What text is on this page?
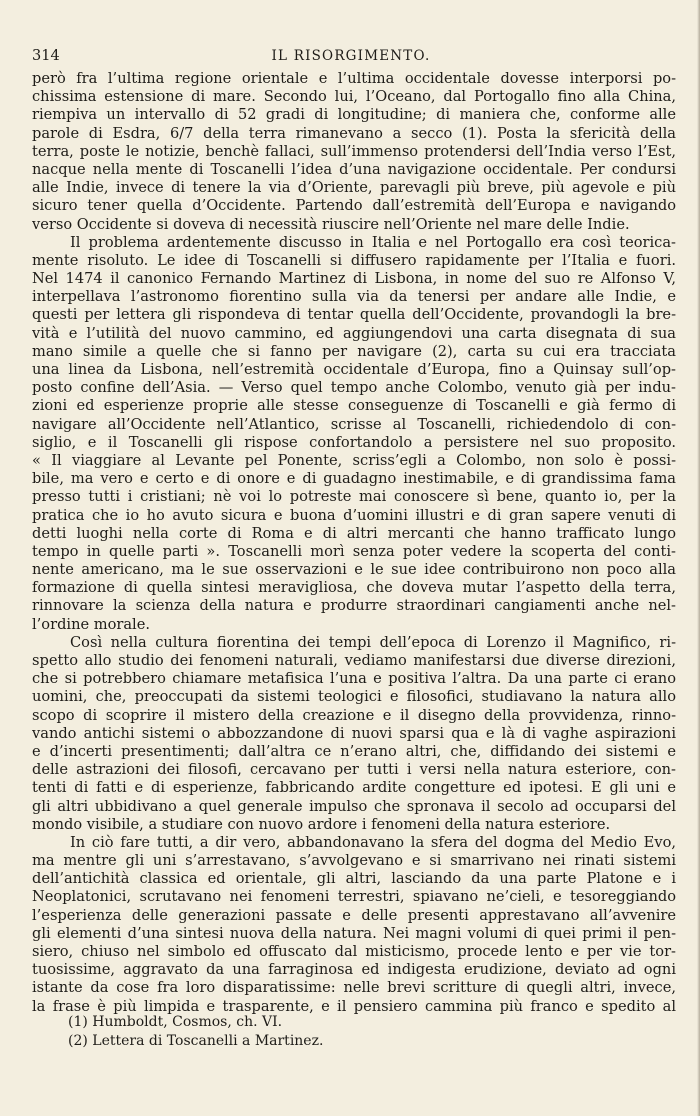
314	IL RISORGIMENTO.
però fra l’ultima regione orientale e l’ultima occidentale dovesse interporsi po-
chissima estensione di mare. Secondo lui, l’Oceano, dal Portogallo fino alla China,
riempiva un intervallo di 52 gradi di longitudine; di maniera che, conforme alle
parole di Esdra, 6/7 della terra rimanevano a secco (1). Posta la sfericità della
terra, poste le notizie, benchè fallaci, sull’immenso protendersi dell’India verso l’Est,
nacque nella mente di Toscanelli l’idea d’una navigazione occidentale. Per condursi
alle Indie, invece di tenere la via d’Oriente, parevagli più breve, più agevole e più
sicuro tener quella d’Occidente. Partendo dall’estremità dell’Europa e navigando
verso Occidente si doveva di necessità riuscire nell’Oriente nel mare delle Indie.
Il problema ardentemente discusso in Italia e nel Portogallo era così teorica-
mente risoluto. Le idee di Toscanelli si diffusero rapidamente per l’Italia e fuori.
Nel 1474 il canonico Fernando Martinez di Lisbona, in nome del suo re Alfonso V,
interpellava l’astronomo fiorentino sulla via da tenersi per andare alle Indie, e
questi per lettera gli rispondeva di tentar quella dell’Occidente, provandogli la bre-
vità e l’utilità del nuovo cammino, ed aggiungendovi una carta disegnata di sua
mano simile a quelle che si fanno per navigare (2), carta su cui era tracciata
una linea da Lisbona, nell’estremità occidentale d’Europa, fino a Quinsay sull’op-
posto confine dell’Asia. — Verso quel tempo anche Colombo, venuto già per indu-
zioni ed esperienze proprie alle stesse conseguenze di Toscanelli e già fermo di
navigare all’Occidente nell’Atlantico, scrisse al Toscanelli, richiedendolo di con-
siglio, e il Toscanelli gli rispose confortandolo a persistere nel suo proposito.
« Il viaggiare al Levante pel Ponente, scriss’egli a Colombo, non solo è possi-
bile, ma vero e certo e di onore e di guadagno inestimabile, e di grandissima fama
presso tutti i cristiani; nè voi lo potreste mai conoscere sì bene, quanto io, per la
pratica che io ho avuto sicura e buona d’uomini illustri e di gran sapere venuti di
detti luoghi nella corte di Roma e di altri mercanti che hanno trafficato lungo
tempo in quelle parti ». Toscanelli morì senza poter vedere la scoperta del conti-
nente americano, ma le sue osservazioni e le sue idee contribuirono non poco alla
formazione di quella sintesi meravigliosa, che doveva mutar l’aspetto della terra,
rinnovare la scienza della natura e produrre straordinari cangiamenti anche nel-
l’ordine morale.
Così nella cultura fiorentina dei tempi dell’epoca di Lorenzo il Magnifico, ri-
spetto allo studio dei fenomeni naturali, vediamo manifestarsi due diverse direzioni,
che si potrebbero chiamare metafisica l’una e positiva l’altra. Da una parte ci erano
uomini, che, preoccupati da sistemi teologici e filosofici, studiavano la natura allo
scopo di scoprire il mistero della creazione e il disegno della provvidenza, rinno-
vando antichi sistemi o abbozzandone di nuovi sparsi qua e là di vaghe aspirazioni
e d’incerti presentimenti; dall’altra ce n’erano altri, che, diffidando dei sistemi e
delle astrazioni dei filosofi, cercavano per tutti i versi nella natura esteriore, con-
tenti di fatti e di esperienze, fabbricando ardite congetture ed ipotesi. E gli uni e
gli altri ubbidivano a quel generale impulso che spronava il secolo ad occuparsi del
mondo visibile, a studiare con nuovo ardore i fenomeni della natura esteriore.
In ciò fare tutti, a dir vero, abbandonavano la sfera del dogma del Medio Evo,
ma mentre gli uni s’arrestavano, s’avvolgevano e si smarrivano nei rinati sistemi
dell’antichità classica ed orientale, gli altri, lasciando da una parte Platone e i
Neoplatonici, scrutavano nei fenomeni terrestri, spiavano ne’cieli, e tesoreggiando
l’esperienza delle generazioni passate e delle presenti apprestavano all’avvenire
gli elementi d’una sintesi nuova della natura. Nei magni volumi di quei primi il pen-
siero, chiuso nel simbolo ed offuscato dal misticismo, procede lento e per vie tor-
tuosissime, aggravato da una farraginosa ed indigesta erudizione, deviato ad ogni
istante da cose fra loro disparatissime: nelle brevi scritture di quegli altri, invece,
la frase è più limpida e trasparente, e il pensiero cammina più franco e spedito al
(1) Humboldt, Cosmos, ch. VI.
(2) Lettera di Toscanelli a Martinez.
